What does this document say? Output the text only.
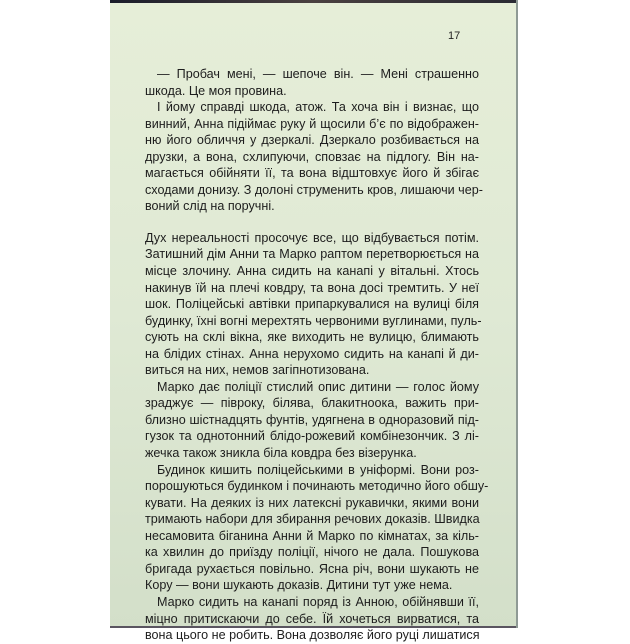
17
— Пробач мені, — шепоче він. — Мені страшенно
шкода. Це моя провина.
І йому справді шкода, атож. Та хоча він і визнає, що
винний, Анна підіймає руку й щосили б’є по відображен-
ню його обличчя у дзеркалі. Дзеркало розбивається на
друзки, а вона, схлипуючи, сповзає на підлогу. Він на-
магається обійняти її, та вона відштовхує його й збігає
сходами донизу. З долоні струменить кров, лишаючи чер-
воний слід на поручні.
Дух нереальності просочує все, що відбувається потім.
Затишний дім Анни та Марко раптом перетворюється на
місце злочину. Анна сидить на канапі у вітальні. Хтось
накинув їй на плечі ковдру, та вона досі тремтить. У неї
шок. Поліцейські автівки припаркувалися на вулиці біля
будинку, їхні вогні мерехтять червоними вуглинами, пуль-
сують на склі вікна, яке виходить не вулицю, блимають
на блідих стінах. Анна нерухомо сидить на канапі й ди-
виться на них, немов загіпнотизована.
Марко дає поліції стислий опис дитини — голос йому
зраджує — півроку, білява, блакитноока, важить при-
близно шістнадцять фунтів, удягнена в одноразовий під-
гузок та однотонний блідо-рожевий комбінезончик. З лі-
жечка також зникла біла ковдра без візерунка.
Будинок кишить поліцейськими в уніформі. Вони роз-
порошуються будинком і починають методично його обшу-
кувати. На деяких із них латексні рукавички, якими вони
тримають набори для збирання речових доказів. Швидка
несамовита біганина Анни й Марко по кімнатах, за кіль-
ка хвилин до приїзду поліції, нічого не дала. Пошукова
бригада рухається повільно. Ясна річ, вони шукають не
Кору — вони шукають доказів. Дитини тут уже нема.
Марко сидить на канапі поряд із Анною, обійнявши її,
міцно притискаючи до себе. Їй хочеться вирватися, та
вона цього не робить. Вона дозволяє його руці лишатися
